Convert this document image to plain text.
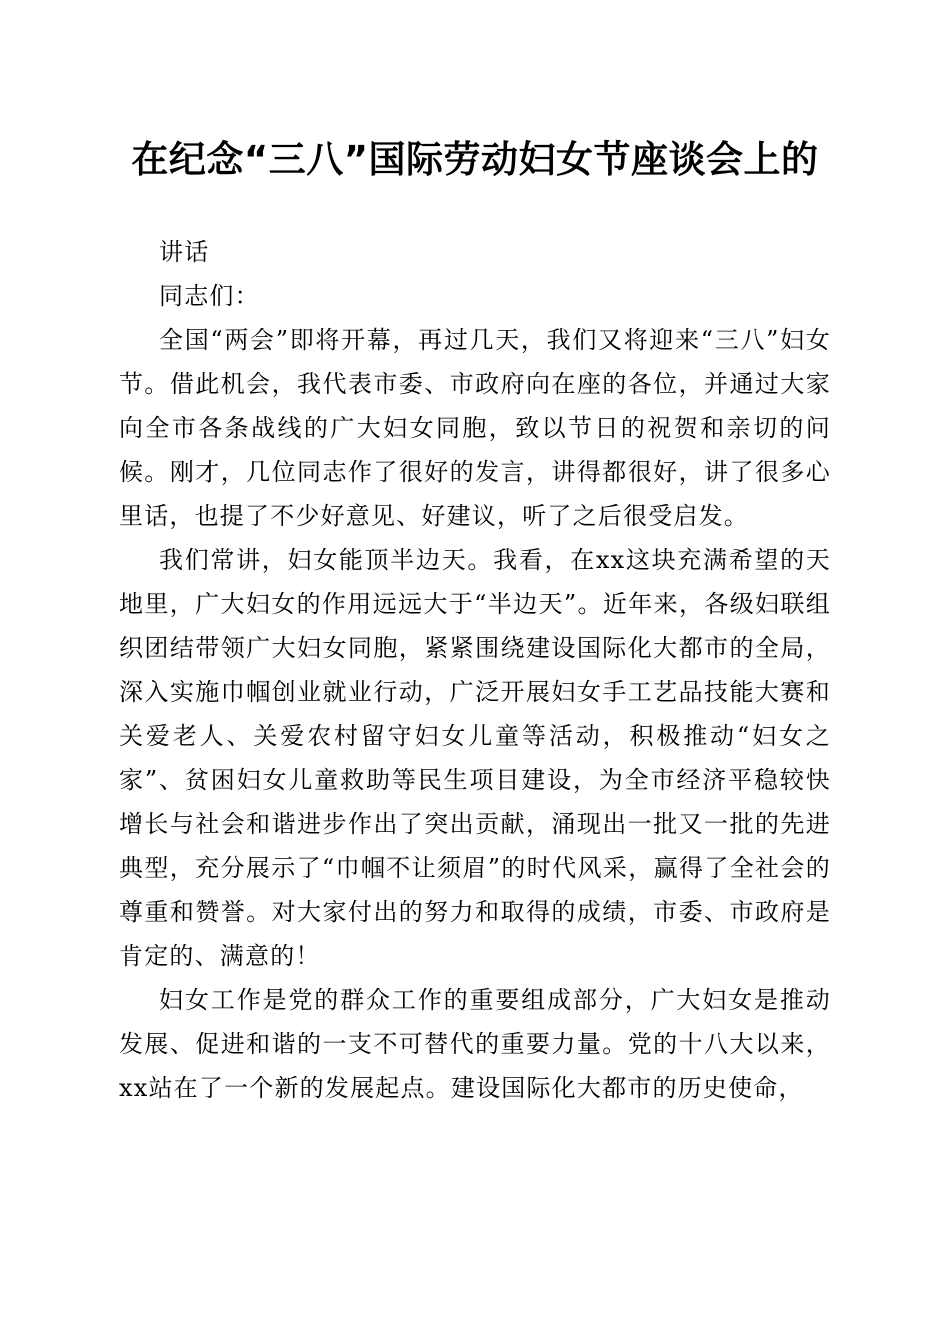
在纪念“三八”国际劳动妇女节座谈会上的

讲话

同志们：

全国“两会”即将开幕，再过几天，我们又将迎来“三八”妇女节。借此机会，我代表市委、市政府向在座的各位，并通过大家向全市各条战线的广大妇女同胞，致以节日的祝贺和亲切的问候。刚才，几位同志作了很好的发言，讲得都很好，讲了很多心里话，也提了不少好意见、好建议，听了之后很受启发。

我们常讲，妇女能顶半边天。我看，在xx这块充满希望的天地里，广大妇女的作用远远大于“半边天”。近年来，各级妇联组织团结带领广大妇女同胞，紧紧围绕建设国际化大都市的全局，深入实施巾帼创业就业行动，广泛开展妇女手工艺品技能大赛和关爱老人、关爱农村留守妇女儿童等活动，积极推动“妇女之家”、贫困妇女儿童救助等民生项目建设，为全市经济平稳较快增长与社会和谐进步作出了突出贡献，涌现出一批又一批的先进典型，充分展示了“巾帼不让须眉”的时代风采，赢得了全社会的尊重和赞誉。对大家付出的努力和取得的成绩，市委、市政府是肯定的、满意的！

妇女工作是党的群众工作的重要组成部分，广大妇女是推动发展、促进和谐的一支不可替代的重要力量。党的十八大以来，xx站在了一个新的发展起点。建设国际化大都市的历史使命，
